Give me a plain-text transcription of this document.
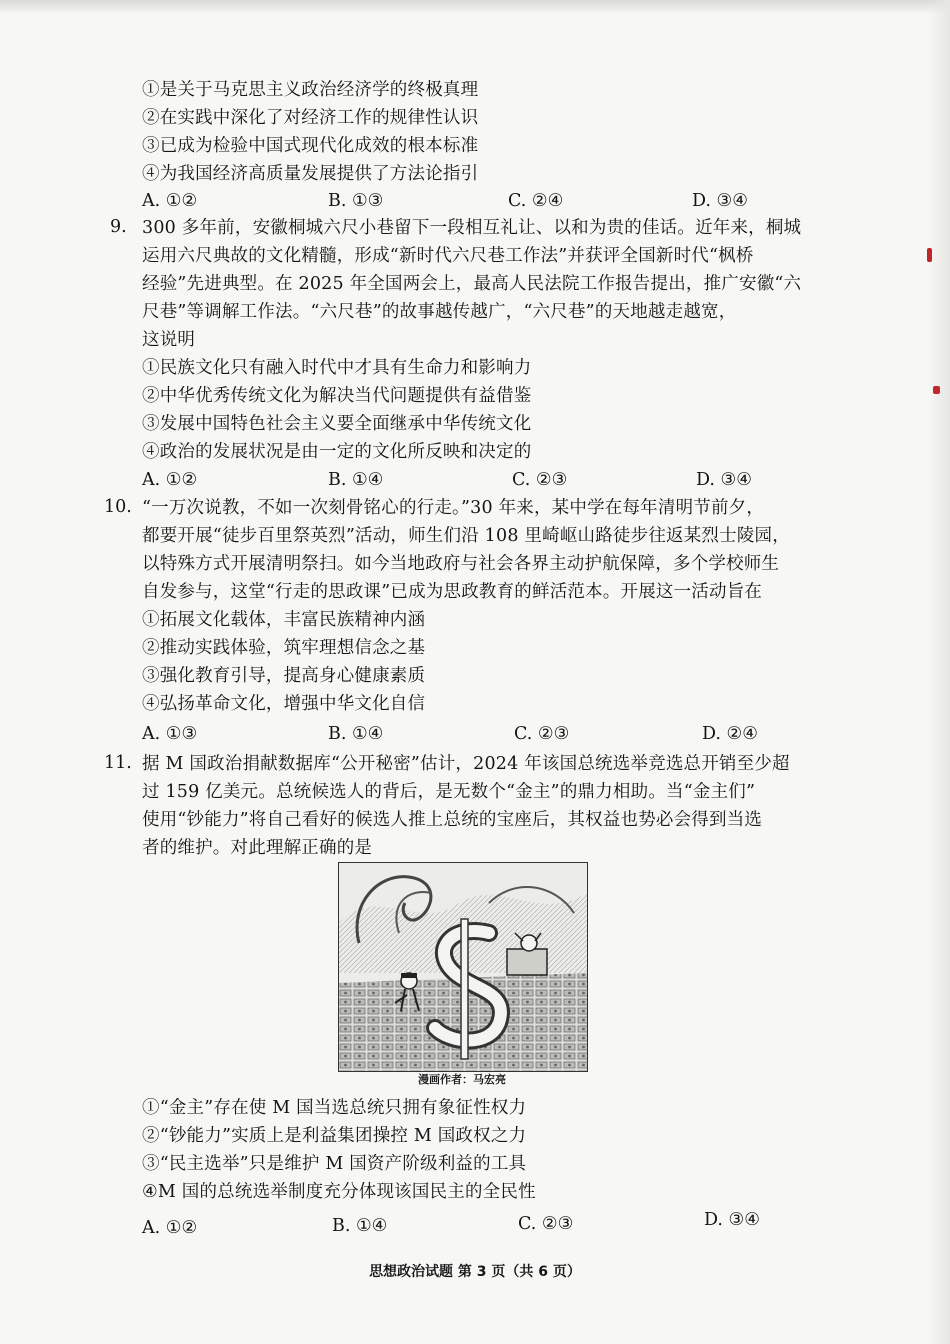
①是关于马克思主义政治经济学的终极真理
②在实践中深化了对经济工作的规律性认识
③已成为检验中国式现代化成效的根本标准
④为我国经济高质量发展提供了方法论指引
A. ①②	B. ①③	C. ②④	D. ③④
9. 300 多年前，安徽桐城六尺小巷留下一段相互礼让、以和为贵的佳话。近年来，桐城
运用六尺典故的文化精髓，形成“新时代六尺巷工作法”并获评全国新时代“枫桥
经验”先进典型。在 2025 年全国两会上，最高人民法院工作报告提出，推广安徽“六
尺巷”等调解工作法。“六尺巷”的故事越传越广，“六尺巷”的天地越走越宽，
这说明
①民族文化只有融入时代中才具有生命力和影响力
②中华优秀传统文化为解决当代问题提供有益借鉴
③发展中国特色社会主义要全面继承中华传统文化
④政治的发展状况是由一定的文化所反映和决定的
A. ①②	B. ①④	C. ②③	D. ③④
10. “一万次说教，不如一次刻骨铭心的行走。”30 年来，某中学在每年清明节前夕，
都要开展“徒步百里祭英烈”活动，师生们沿 108 里崎岖山路徒步往返某烈士陵园，
以特殊方式开展清明祭扫。如今当地政府与社会各界主动护航保障，多个学校师生
自发参与，这堂“行走的思政课”已成为思政教育的鲜活范本。开展这一活动旨在
①拓展文化载体，丰富民族精神内涵
②推动实践体验，筑牢理想信念之基
③强化教育引导，提高身心健康素质
④弘扬革命文化，增强中华文化自信
A. ①③	B. ①④	C. ②③	D. ②④
11. 据 M 国政治捐献数据库“公开秘密”估计，2024 年该国总统选举竞选总开销至少超
过 159 亿美元。总统候选人的背后，是无数个“金主”的鼎力相助。当“金主们”
使用“钞能力”将自己看好的候选人推上总统的宝座后，其权益也势必会得到当选
者的维护。对此理解正确的是
漫画作者：马宏亮
①“金主”存在使 M 国当选总统只拥有象征性权力
②“钞能力”实质上是利益集团操控 M 国政权之力
③“民主选举”只是维护 M 国资产阶级利益的工具
④M 国的总统选举制度充分体现该国民主的全民性
A. ①②	B. ①④	C. ②③	D. ③④
思想政治试题 第 3 页（共 6 页）
